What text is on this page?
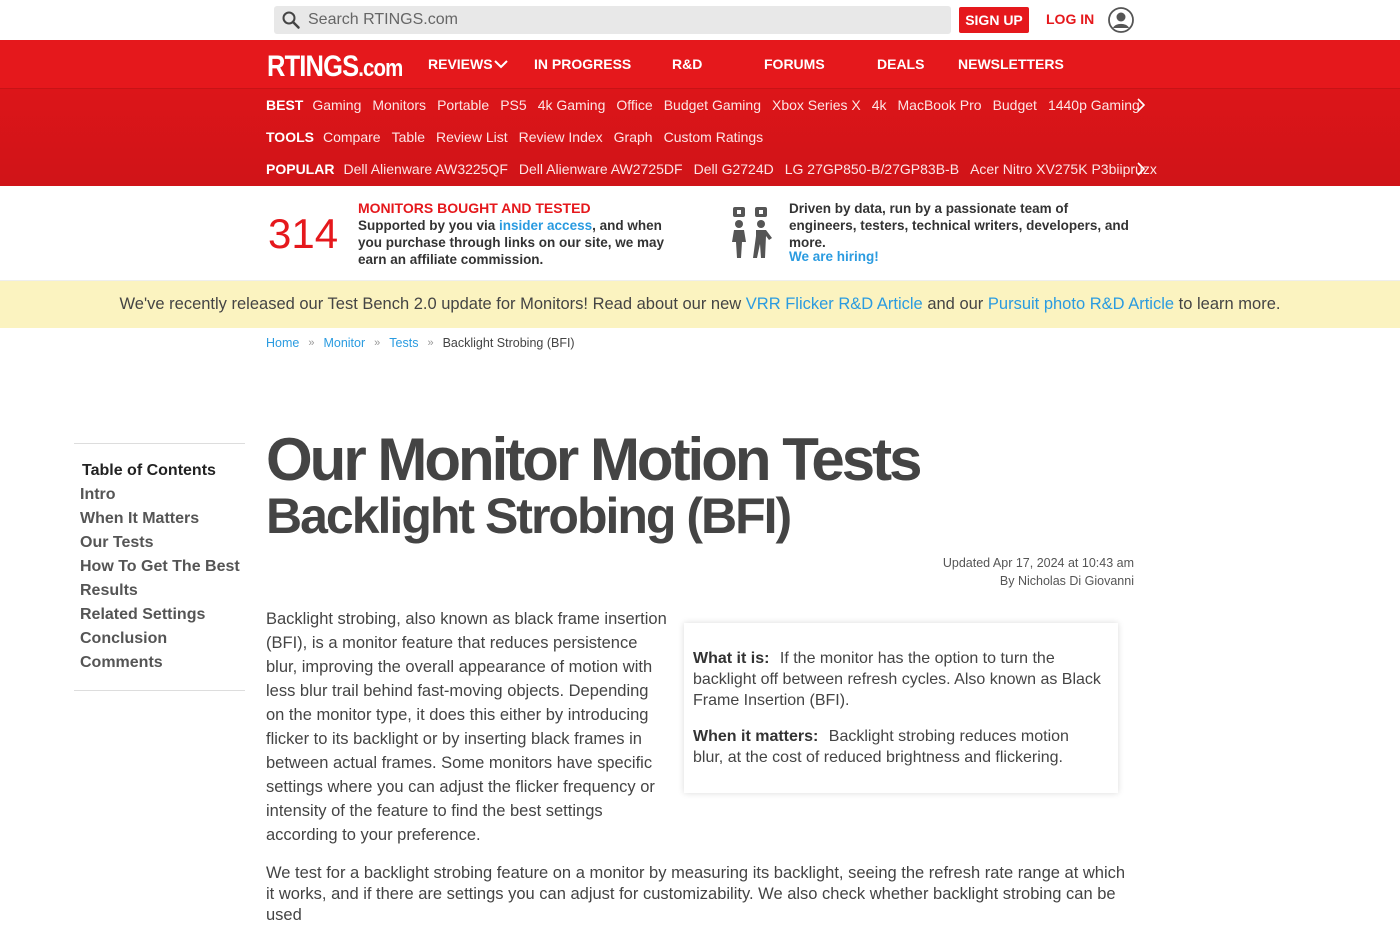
Search RTINGS.com
SIGN UP	LOG IN
RTINGS.com REVIEWS	IN PROGRESS	R&D	FORUMS	DEALS NEWSLETTERS
BEST Gaming Monitors Portable PS5 4k Gaming Office Budget Gaming Xbox Series X 4k MacBook Pro Budget 1440p Gaming
TOOLS Compare Table Review List Review Index Graph Custom Ratings
POPULAR Dell Alienware AW3225QF Dell Alienware AW2725DF Dell G2724D LG 27GP850-B/27GP83B-B Acer Nitro XV275K P3biipruzx
314
MONITORS BOUGHT AND TESTED
Supported by you via insider access, and when you purchase through links on our site, we may earn an affiliate commission.
Driven by data, run by a passionate team of engineers, testers, technical writers, developers, and more.
We are hiring!
We've recently released our Test Bench 2.0 update for Monitors! Read about our new
VRR Flicker R&D Article
and our
Pursuit photo R&D Article
to learn more.
Home » Monitor » Tests » Backlight Strobing (BFI)
Table of Contents
Intro
When It Matters
Our Tests
How To Get The Best Results
Related Settings
Conclusion
Comments
Our Monitor Motion Tests
Backlight Strobing (BFI)
Updated Apr 17, 2024 at 10:43 am
By Nicholas Di Giovanni

Backlight strobing, also known as black frame insertion (BFI), is a monitor feature that reduces persistence blur, improving the overall appearance of motion with less blur trail behind fast-moving objects. Depending on the monitor type, it does this either by introducing flicker to its backlight or by inserting black frames in between actual frames. Some monitors have specific settings where you can adjust the flicker frequency or intensity of the feature to find the best settings according to your preference.

What it is: If the monitor has the option to turn the backlight off between refresh cycles. Also known as Black Frame Insertion (BFI).

When it matters: Backlight strobing reduces motion blur, at the cost of reduced brightness and flickering.

We test for a backlight strobing feature on a monitor by measuring its backlight, seeing the refresh rate range at which it works, and if there are settings you can adjust for customizability. We also check whether backlight strobing can be used
